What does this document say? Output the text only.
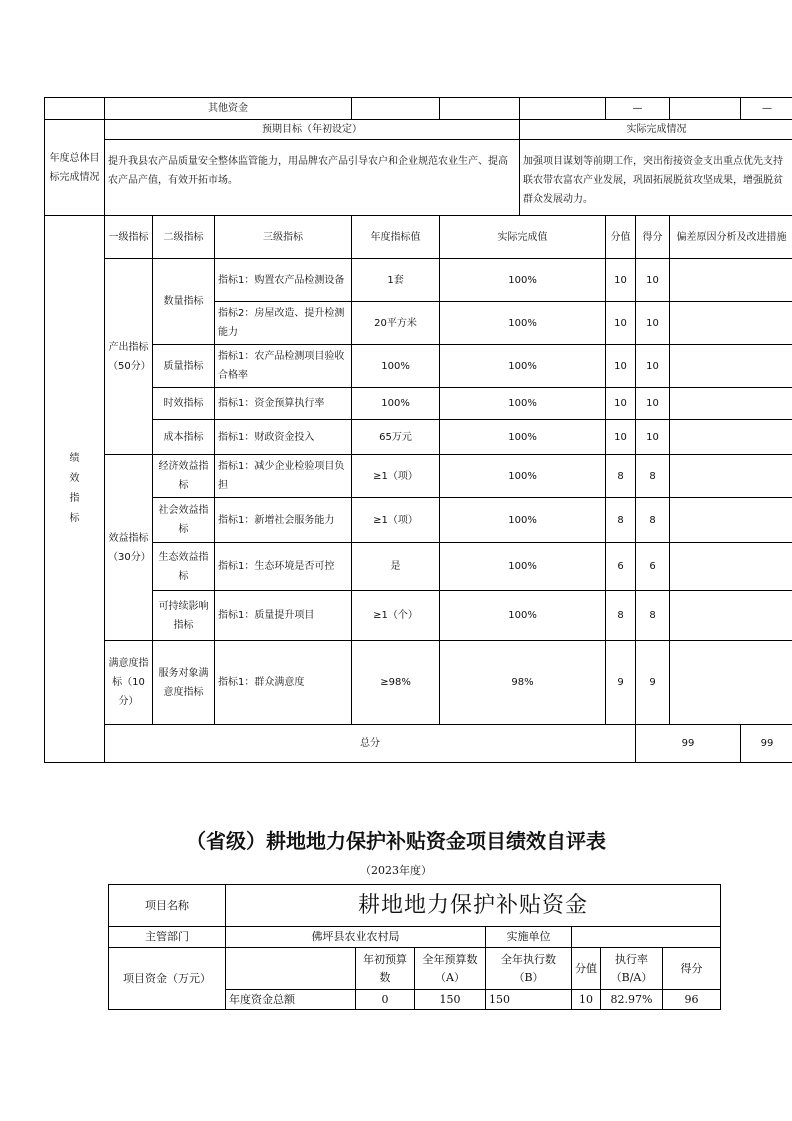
	其他资金						—			—	
年度总体目标完成情况	预期目标（年初设定）					实际完成情况					
	提升我县农产品质量安全整体监管能力，用品牌农产品引导农户和企业规范农业生产、提高农产品产值，有效开拓市场。					加强项目谋划等前期工作，突出衔接资金支出重点优先支持联农带农富农产业发展，巩固拓展脱贫攻坚成果，增强脱贫群众发展动力。					
绩效指标	一级指标	二级指标	三级指标	年度指标值	实际完成值		分值	得分	偏差原因分析及改进措施		
	产出指标（50分）	数量指标	指标1：购置农产品检测设备	1套	100%		10	10			
			指标2：房屋改造、提升检测能力	20平方米	100%		10	10			
		质量指标	指标1：农产品检测项目验收合格率	100%	100%		10	10			
		时效指标	指标1：资金预算执行率	100%	100%		10	10			
		成本指标	指标1：财政资金投入	65万元	100%		10	10			
	效益指标（30分）	经济效益指标	指标1：减少企业检验项目负担	≥1（项）	100%		8	8			
		社会效益指标	指标1：新增社会服务能力	≥1（项）	100%		8	8			
		生态效益指标	指标1：生态环境是否可控	是	100%		6	6			
		可持续影响指标	指标1：质量提升项目	≥1（个）	100%		8	8			
	满意度指标（10分）	服务对象满意度指标	指标1：群众满意度	≥98%	98%		9	9			
	总分							99		99	
（省级）耕地地力保护补贴资金项目绩效自评表
（2023年度）
项目名称	耕地地力保护补贴资金						
主管部门	佛坪县农业农村局			实施单位			
项目资金（万元）		年初预算数	全年预算数（A）	全年执行数（B）	分值	执行率（B/A）	得分
	年度资金总额	0	150	150	10	82.97%	96
